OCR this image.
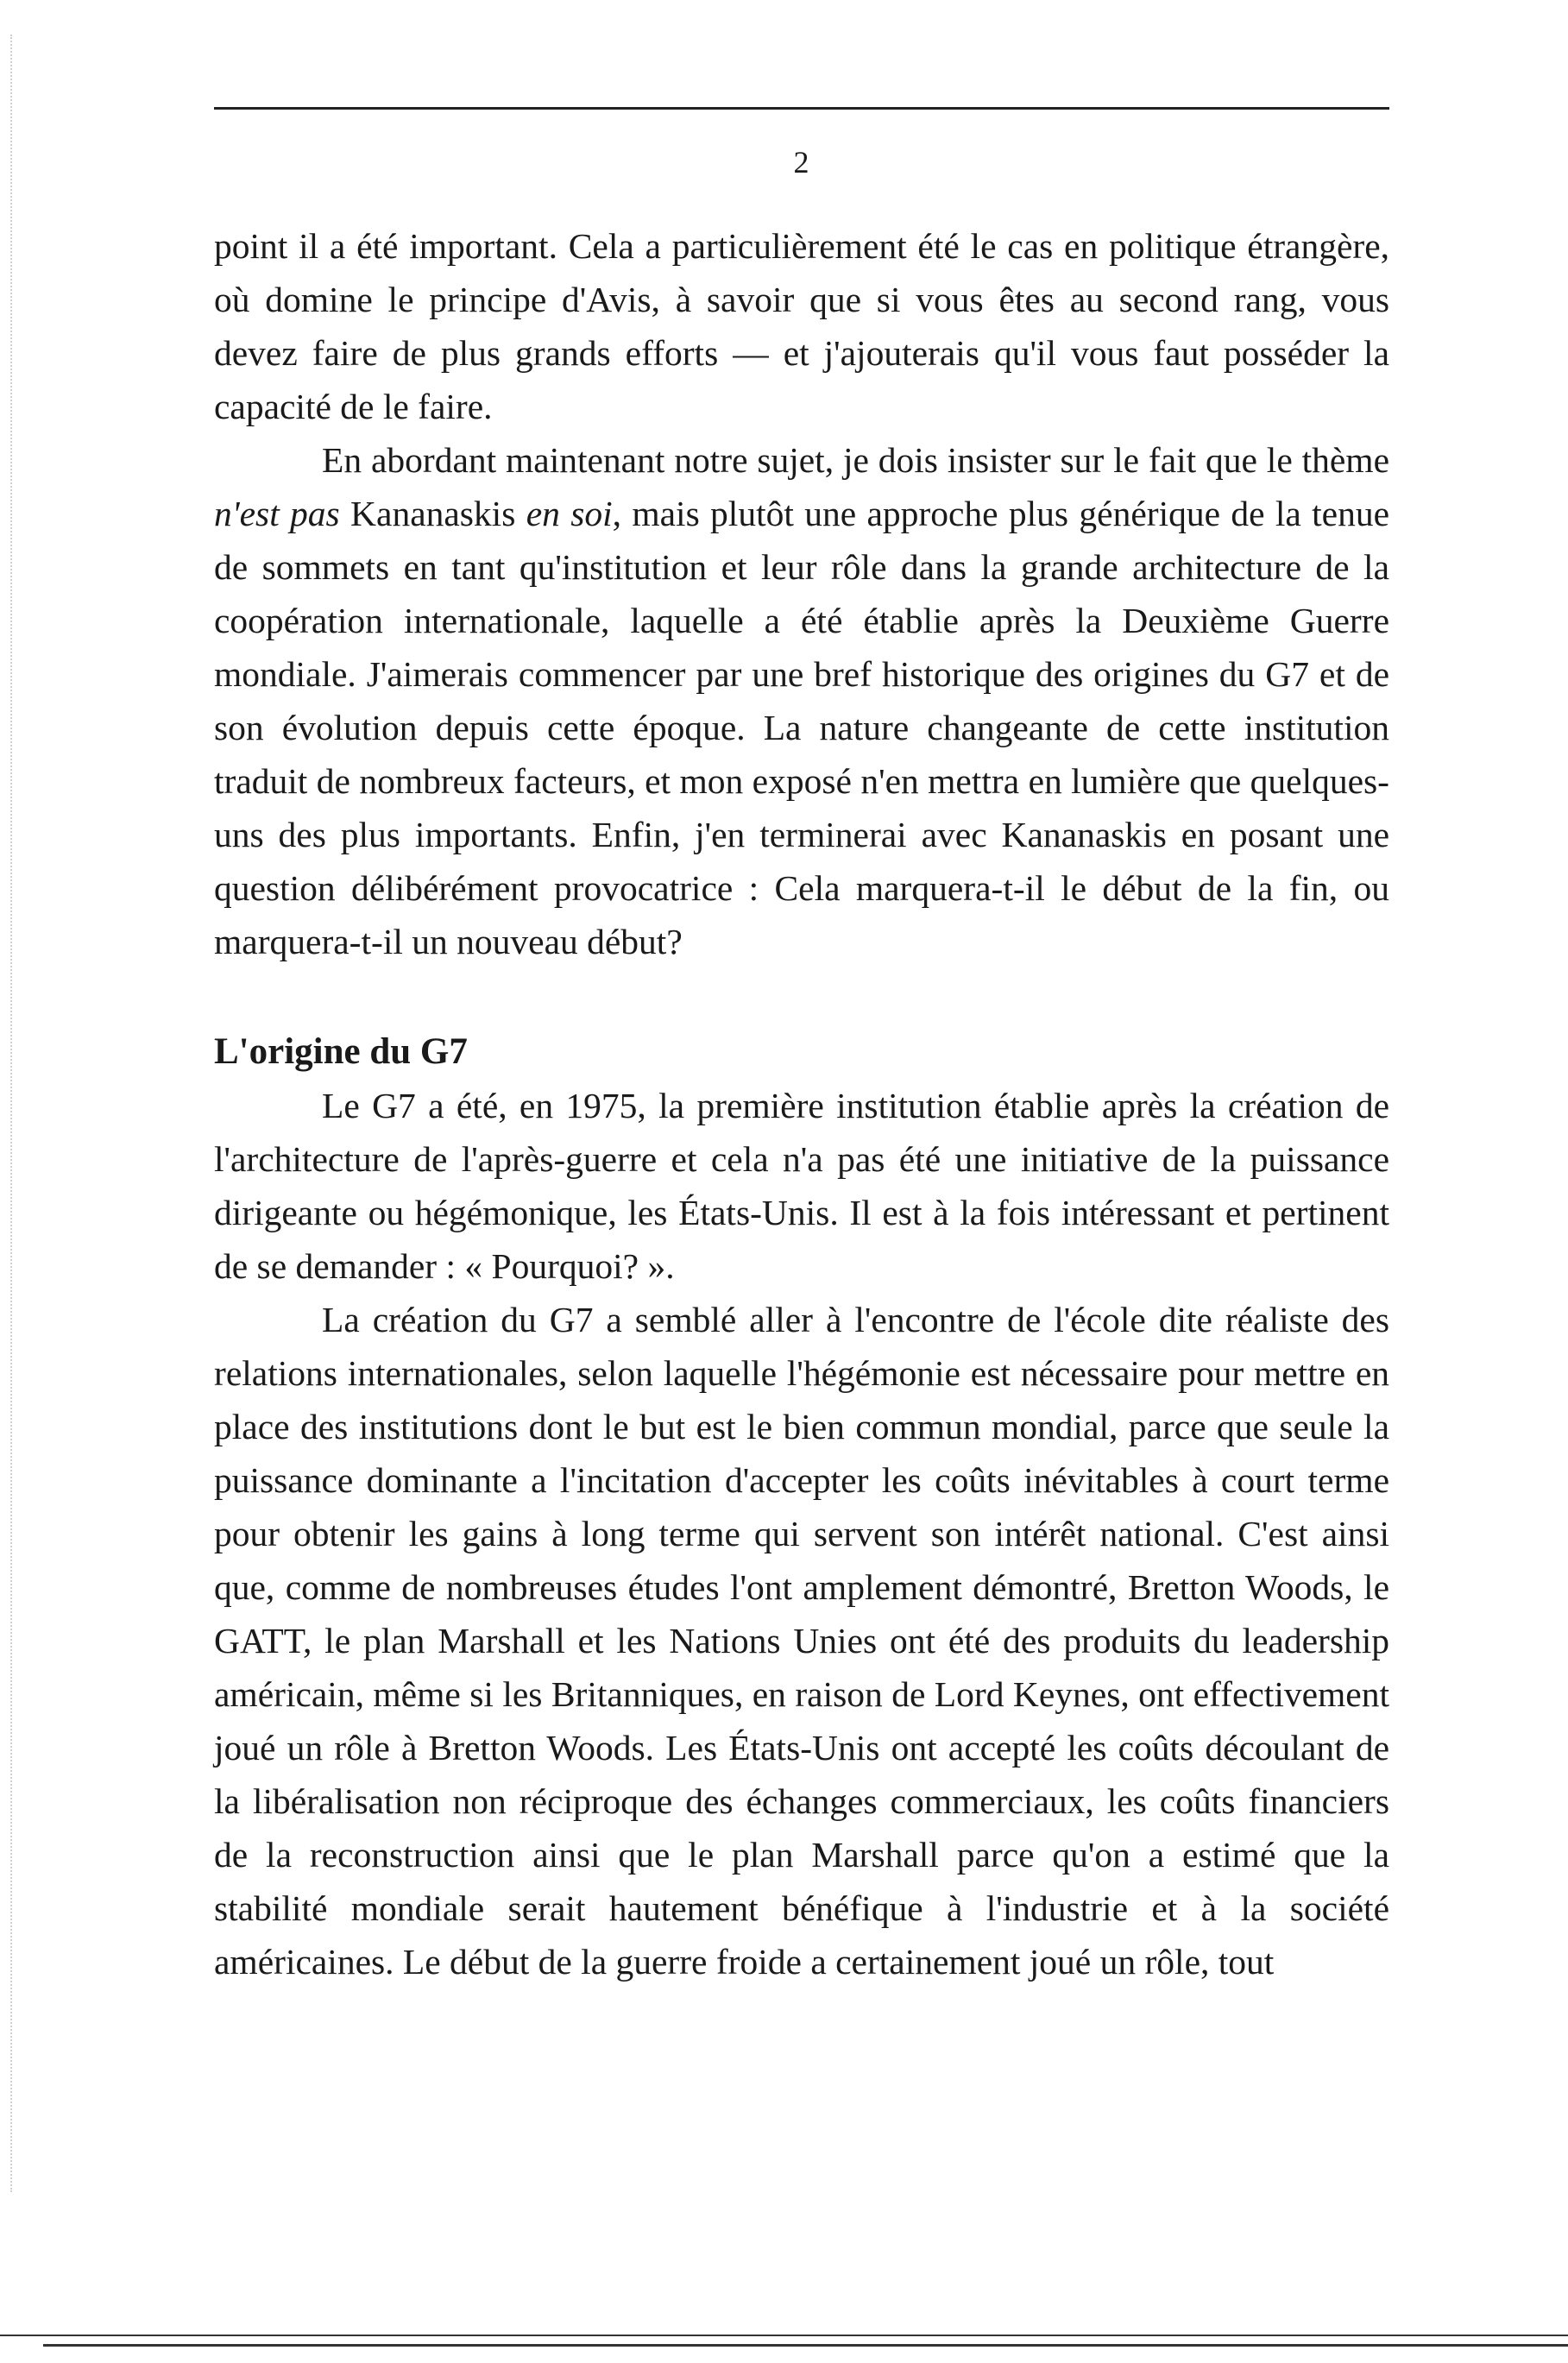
2

point il a été important. Cela a particulièrement été le cas en politique étrangère, où domine le principe d'Avis, à savoir que si vous êtes au second rang, vous devez faire de plus grands efforts — et j'ajouterais qu'il vous faut posséder la capacité de le faire.

En abordant maintenant notre sujet, je dois insister sur le fait que le thème n'est pas Kananaskis en soi, mais plutôt une approche plus générique de la tenue de sommets en tant qu'institution et leur rôle dans la grande architecture de la coopération internationale, laquelle a été établie après la Deuxième Guerre mondiale. J'aimerais commencer par une bref historique des origines du G7 et de son évolution depuis cette époque. La nature changeante de cette institution traduit de nombreux facteurs, et mon exposé n'en mettra en lumière que quelques-uns des plus importants. Enfin, j'en terminerai avec Kananaskis en posant une question délibérément provocatrice : Cela marquera-t-il le début de la fin, ou marquera-t-il un nouveau début?

L'origine du G7

Le G7 a été, en 1975, la première institution établie après la création de l'architecture de l'après-guerre et cela n'a pas été une initiative de la puissance dirigeante ou hégémonique, les États-Unis. Il est à la fois intéressant et pertinent de se demander : « Pourquoi? ».

La création du G7 a semblé aller à l'encontre de l'école dite réaliste des relations internationales, selon laquelle l'hégémonie est nécessaire pour mettre en place des institutions dont le but est le bien commun mondial, parce que seule la puissance dominante a l'incitation d'accepter les coûts inévitables à court terme pour obtenir les gains à long terme qui servent son intérêt national. C'est ainsi que, comme de nombreuses études l'ont amplement démontré, Bretton Woods, le GATT, le plan Marshall et les Nations Unies ont été des produits du leadership américain, même si les Britanniques, en raison de Lord Keynes, ont effectivement joué un rôle à Bretton Woods. Les États-Unis ont accepté les coûts découlant de la libéralisation non réciproque des échanges commerciaux, les coûts financiers de la reconstruction ainsi que le plan Marshall parce qu'on a estimé que la stabilité mondiale serait hautement bénéfique à l'industrie et à la société américaines. Le début de la guerre froide a certainement joué un rôle, tout
